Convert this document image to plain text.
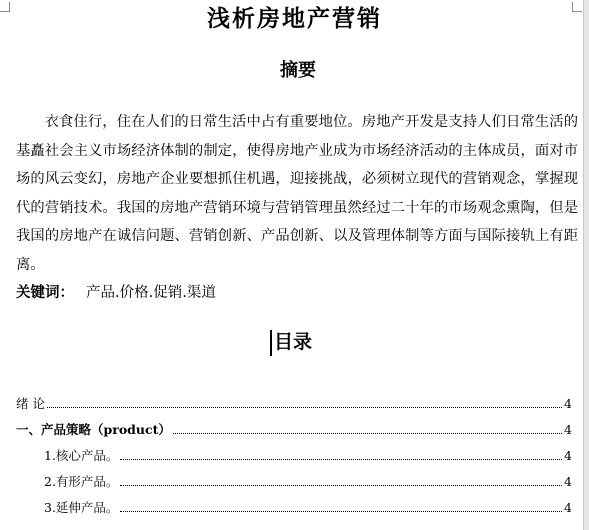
浅析房地产营销
摘要

衣食住行，住在人们的日常生活中占有重要地位。房地产开发是支持人们日常生活的基矗社会主义市场经济体制的制定，使得房地产业成为市场经济活动的主体成员，面对市场的风云变幻，房地产企业要想抓住机遇，迎接挑战，必须树立现代的营销观念，掌握现代的营销技术。我国的房地产营销环境与营销管理虽然经过二十年的市场观念熏陶，但是我国的房地产在诚信问题、营销创新、产品创新、以及管理体制等方面与国际接轨上有距离。

关键词： 产品.价格.促销.渠道
目录
绪 论	4
一、产品策略（product）	4
1.核心产品。	4
2.有形产品。	4
3.延伸产品。	4
